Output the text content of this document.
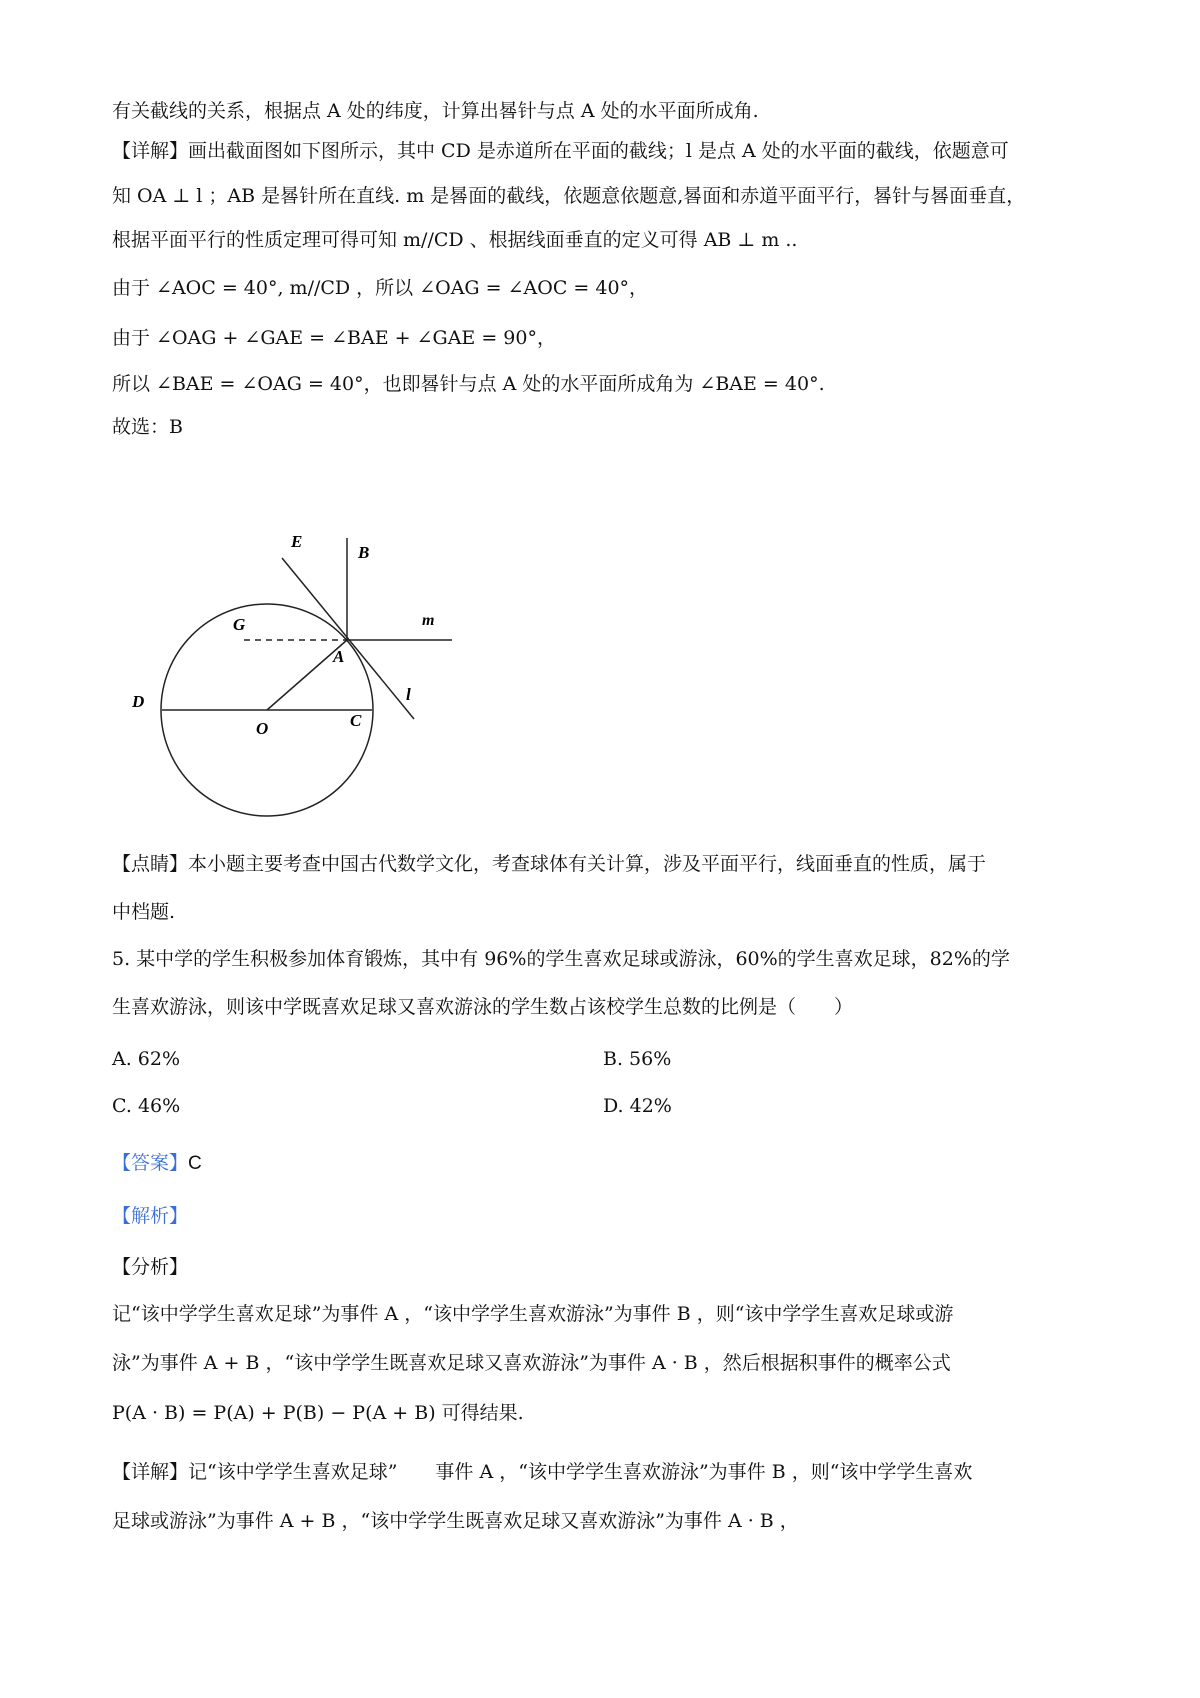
有关截线的关系，根据点 A 处的纬度，计算出晷针与点 A 处的水平面所成角.
【详解】画出截面图如下图所示，其中 CD 是赤道所在平面的截线；l 是点 A 处的水平面的截线，依题意可
知 OA ⊥ l ；AB 是晷针所在直线. m 是晷面的截线，依题意依题意,晷面和赤道平面平行，晷针与晷面垂直，
根据平面平行的性质定理可得可知 m//CD 、根据线面垂直的定义可得 AB ⊥ m ..
由于 ∠AOC = 40°, m//CD ，所以 ∠OAG = ∠AOC = 40°，
由于 ∠OAG + ∠GAE = ∠BAE + ∠GAE = 90°，
所以 ∠BAE = ∠OAG = 40°，也即晷针与点 A 处的水平面所成角为 ∠BAE = 40°.
故选：B
E
B
m
G
A
l
D
O	C
【点睛】本小题主要考查中国古代数学文化，考查球体有关计算，涉及平面平行，线面垂直的性质，属于
中档题.
5. 某中学的学生积极参加体育锻炼，其中有 96%的学生喜欢足球或游泳，60%的学生喜欢足球，82%的学
生喜欢游泳，则该中学既喜欢足球又喜欢游泳的学生数占该校学生总数的比例是（　　）
A. 62%	B. 56%
C. 46%	D. 42%
【答案】C
【解析】
【分析】
记“该中学学生喜欢足球”为事件 A ，“该中学学生喜欢游泳”为事件 B ，则“该中学学生喜欢足球或游
泳”为事件 A + B ，“该中学学生既喜欢足球又喜欢游泳”为事件 A · B ，然后根据积事件的概率公式
P(A · B) = P(A) + P(B) − P(A + B) 可得结果.
【详解】记“该中学学生喜欢足球”　　事件 A ，“该中学学生喜欢游泳”为事件 B ，则“该中学学生喜欢
足球或游泳”为事件 A + B ，“该中学学生既喜欢足球又喜欢游泳”为事件 A · B ，
